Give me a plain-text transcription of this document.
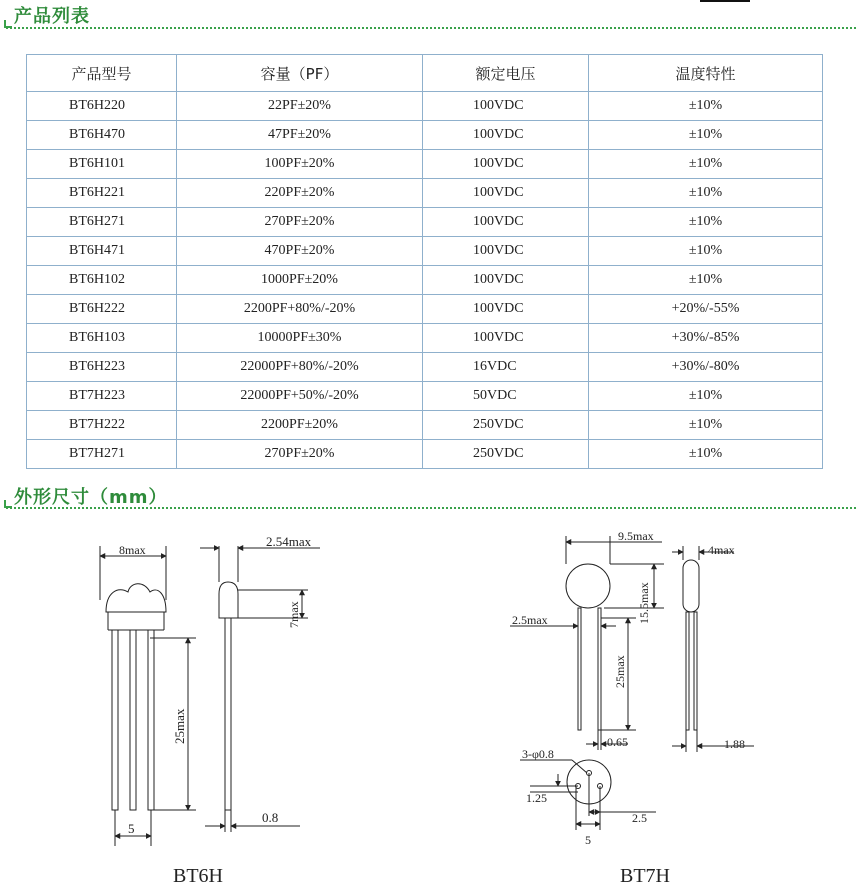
产品列表
产品型号	容量（PF）	额定电压	温度特性
BT6H220	22PF±20%	100VDC	±10%
BT6H470	47PF±20%	100VDC	±10%
BT6H101	100PF±20%	100VDC	±10%
BT6H221	220PF±20%	100VDC	±10%
BT6H271	270PF±20%	100VDC	±10%
BT6H471	470PF±20%	100VDC	±10%
BT6H102	1000PF±20%	100VDC	±10%
BT6H222	2200PF+80%/-20%	100VDC	+20%/-55%
BT6H103	10000PF±30%	100VDC	+30%/-85%
BT6H223	22000PF+80%/-20%	16VDC	+30%/-80%
BT7H223	22000PF+50%/-20%	50VDC	±10%
BT7H222	2200PF±20%	250VDC	±10%
BT7H271	270PF±20%	250VDC	±10%
外形尺寸（mm）
8max
2.54max
7max
25max
5
0.8
BT6H
9.5max
4max
15.5max
2.5max
25max
0.65	1.88
3-φ0.8
1.25
2.5
5
BT7H
